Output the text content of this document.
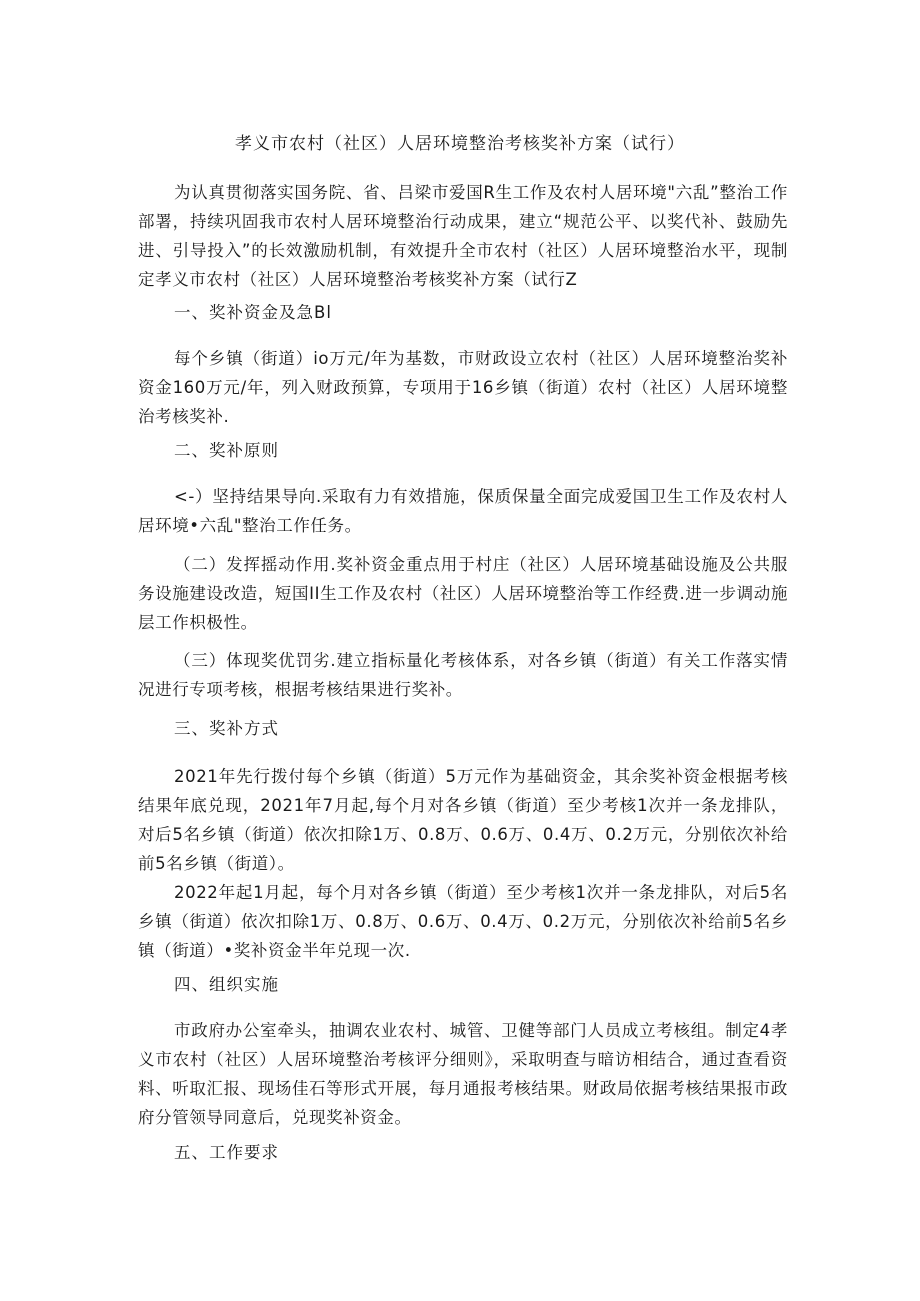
孝义市农村（社区）人居环境整治考核奖补方案（试行）
为认真贯彻落实国务院、省、吕梁市爱国R生工作及农村人居环境"六乱”整治工作部署，持续巩固我市农村人居环境整治行动成果，建立“规范公平、以奖代补、鼓励先进、引导投入”的长效激励机制，有效提升全市农村（社区）人居环境整治水平，现制定孝义市农村（社区）人居环境整治考核奖补方案（试行Z
一、奖补资金及急Bl
每个乡镇（街道）io万元/年为基数，市财政设立农村（社区）人居环境整治奖补资金160万元/年，列入财政预算，专项用于16乡镇（街道）农村（社区）人居环境整治考核奖补.
二、奖补原则
<-）坚持结果导向.采取有力有效措施，保质保量全面完成爱国卫生工作及农村人居环境•六乱"整治工作任务。
（二）发挥摇动作用.奖补资金重点用于村庄（社区）人居环境基础设施及公共服务设施建设改造，短国II生工作及农村（社区）人居环境整治等工作经费.进一步调动施层工作枳极性。
（三）体现奖优罚劣.建立指标量化考核体系，对各乡镇（街道）有关工作落实情况进行专项考核，根据考核结果进行奖补。
三、奖补方式
2021年先行拨付每个乡镇（街道）5万元作为基础资金，其余奖补资金根据考核结果年底兑现，2021年7月起,每个月对各乡镇（街道）至少考核1次并一条龙排队，对后5名乡镇（街道）依次扣除1万、0.8万、0.6万、0.4万、0.2万元，分别依次补给前5名乡镇（街道）。
2022年起1月起，每个月对各乡镇（街道）至少考核1次并一条龙排队，对后5名乡镇（街道）依次扣除1万、0.8万、0.6万、0.4万、0.2万元，分别依次补给前5名乡镇（街道）•奖补资金半年兑现一次.
四、组织实施
市政府办公室牵头，抽调农业农村、城管、卫健等部门人员成立考核组。制定4孝义市农村（社区）人居环境整治考核评分细则》，采取明查与暗访相结合，通过查看资料、听取汇报、现场佳石等形式开展，每月通报考核结果。财政局依据考核结果报市政府分管领导同意后，兑现奖补资金。
五、工作要求
